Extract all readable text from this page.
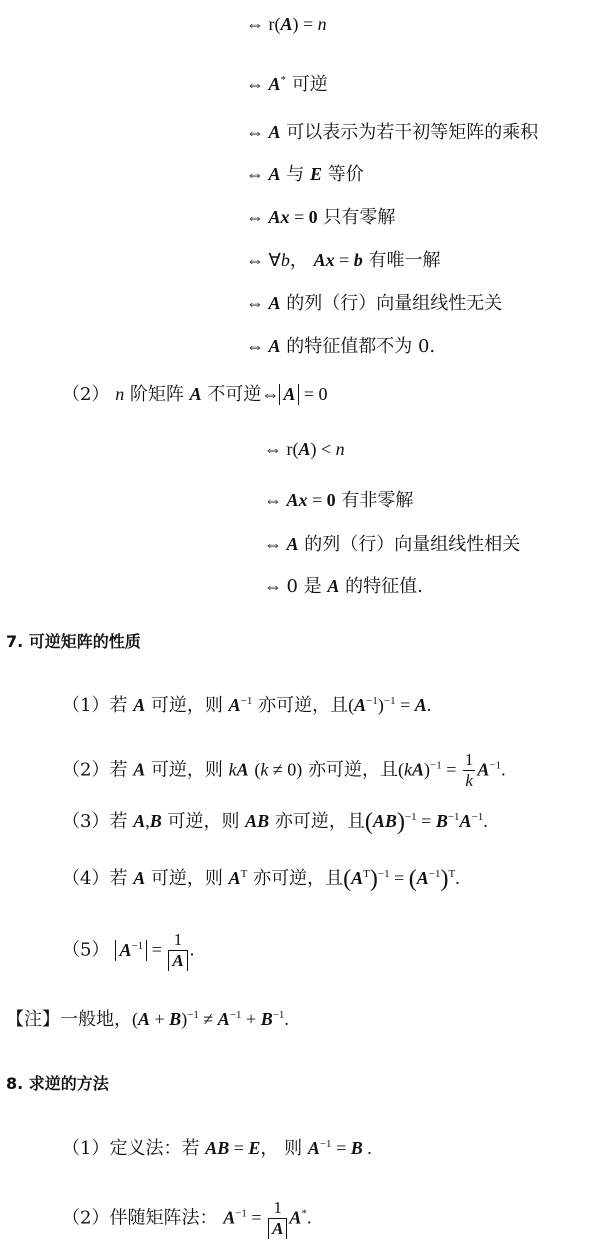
⇔ r(A) = n
⇔ A* 可逆
⇔ A 可以表示为若干初等矩阵的乘积
⇔ A 与 E 等价
⇔ Ax = 0 只有零解
⇔ ∀b， Ax = b 有唯一解
⇔ A 的列（行）向量组线性无关
⇔ A 的特征值都不为 0.
（2） n 阶矩阵 A 不可逆⇔ A = 0
⇔ r(A) < n
⇔ Ax = 0 有非零解
⇔ A 的列（行）向量组线性相关
⇔ 0 是 A 的特征值.
7. 可逆矩阵的性质
（1）若 A 可逆，则 $A^{-1}$ 亦可逆，且$(A^{-1})^{-1} = A$.
（2）若 A 可逆，则 kA (k ≠ 0) 亦可逆，且$(kA)^{-1} = \frac{1}{k} A^{-1}$.
（3）若 A,B 可逆，则 AB 亦可逆，且$(AB)^{-1} = B^{-1}A^{-1}$.
（4）若 A 可逆，则 $A^T$ 亦可逆，且$(A^T)^{-1} = (A^{-1})^T$.
（5） $A^{-1} = \frac{1}{A}$ .
【注】一般地，$(A + B)^{-1} \ne A^{-1} + B^{-1}$.
8. 求逆的方法
（1）定义法：若 AB = E， 则 $A^{-1} = B$ .
（2）伴随矩阵法： $A^{-1} = \frac{1}{A} A^*$.
